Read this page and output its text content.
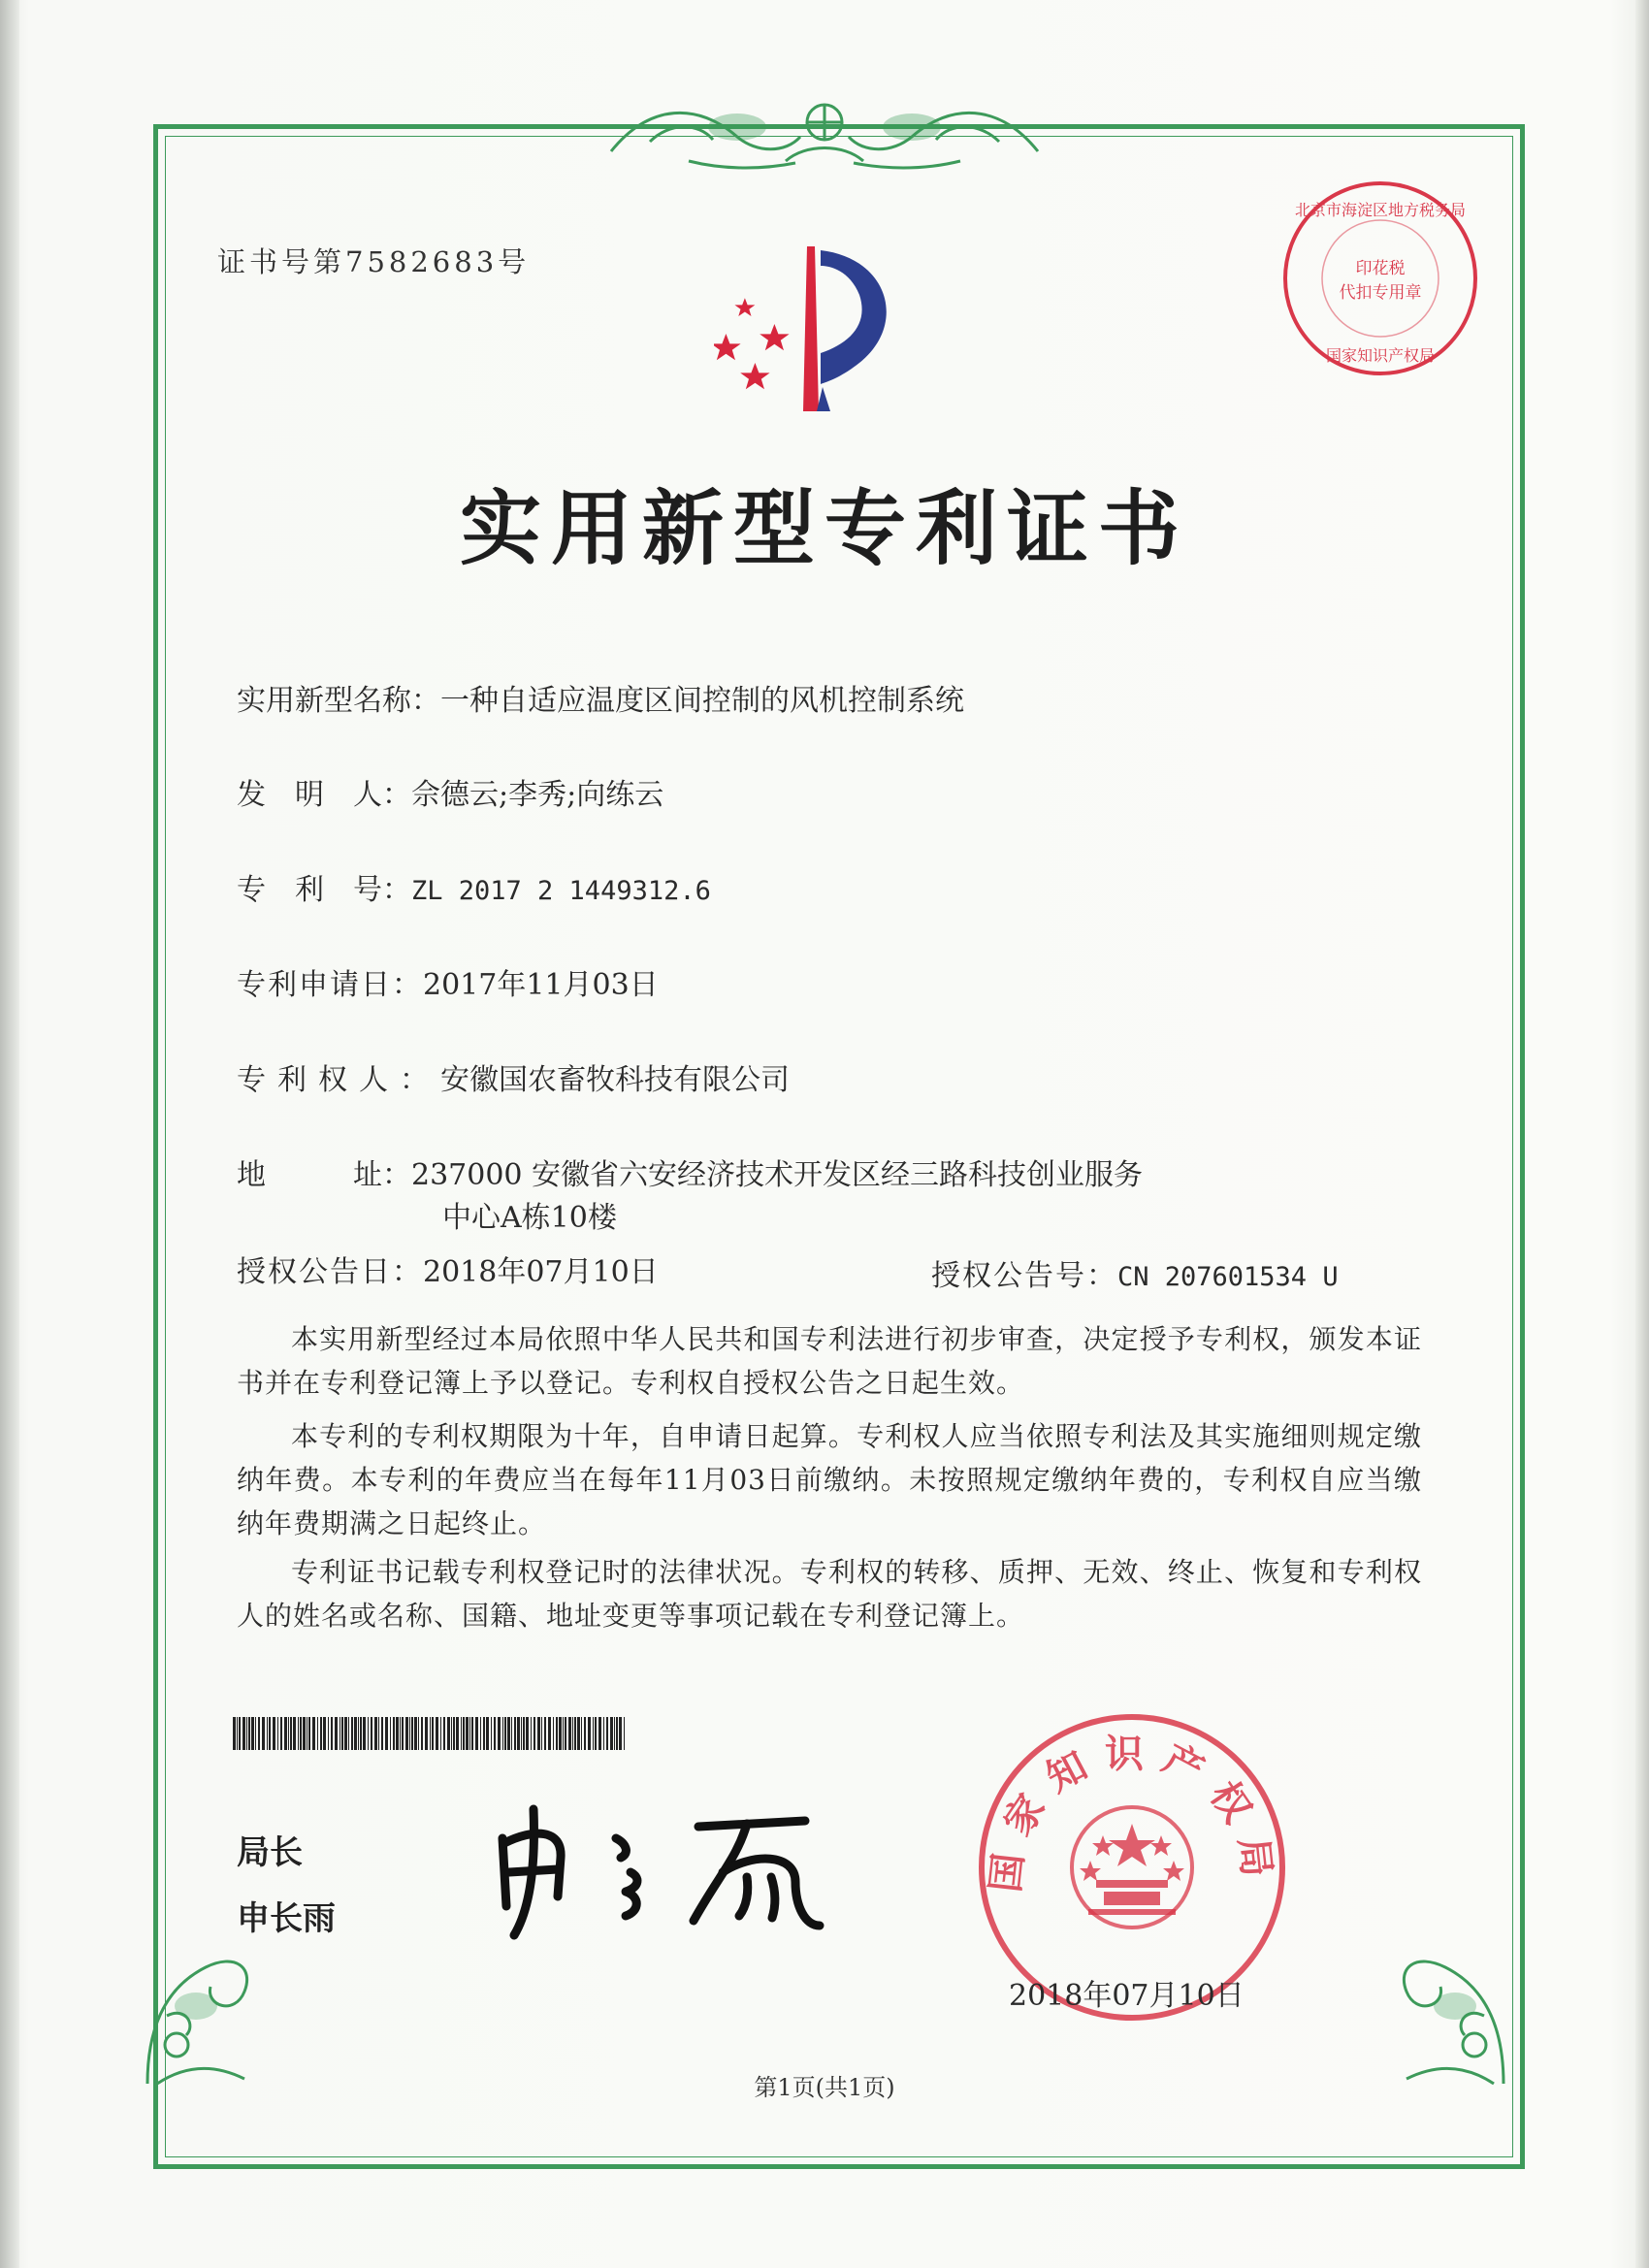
证书号第7582683号
北京市海淀区地方税务局
国家知识产权局
印花税
代扣专用章
实用新型专利证书
实用新型名称：一种自适应温度区间控制的风机控制系统
发　明　人：佘德云;李秀;向练云
专　利　号：ZL 2017 2 1449312.6
专利申请日：2017年11月03日
专利权人：安徽国农畜牧科技有限公司
地　　　址：237000 安徽省六安经济技术开发区经三路科技创业服务
中心A栋10楼
授权公告日：2018年07月10日	授权公告号：CN 207601534 U
本实用新型经过本局依照中华人民共和国专利法进行初步审查，决定授予专利权，颁发本证书并在专利登记簿上予以登记。专利权自授权公告之日起生效。
本专利的专利权期限为十年，自申请日起算。专利权人应当依照专利法及其实施细则规定缴纳年费。本专利的年费应当在每年11月03日前缴纳。未按照规定缴纳年费的，专利权自应当缴纳年费期满之日起终止。
专利证书记载专利权登记时的法律状况。专利权的转移、质押、无效、终止、恢复和专利权人的姓名或名称、国籍、地址变更等事项记载在专利登记簿上。
局长
申长雨
国家知识产权局
2018年07月10日
第1页(共1页)
